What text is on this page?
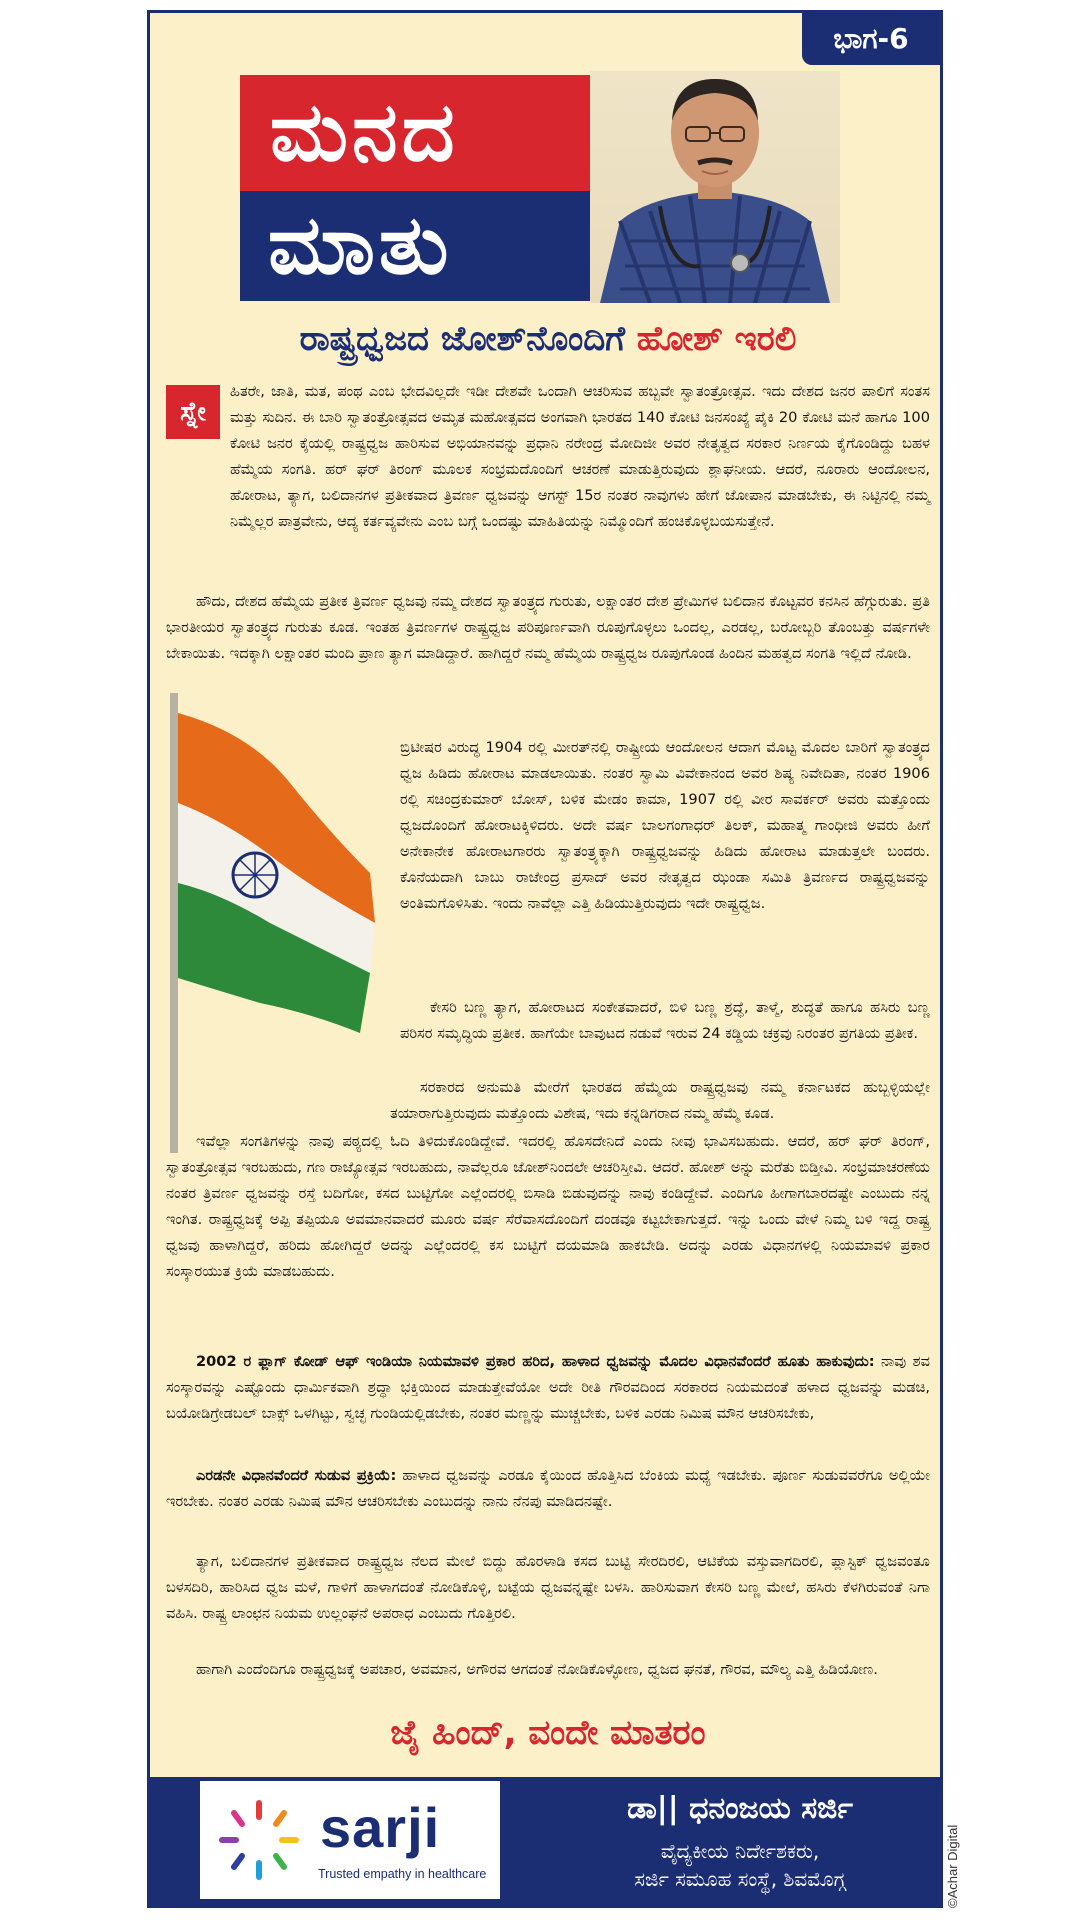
ಭಾಗ-6
ಮನದ
ಮಾತು
ರಾಷ್ಟ್ರಧ್ವಜದ ಜೋಶ್‌ನೊಂದಿಗೆ ಹೋಶ್ ಇರಲಿ
ಸ್ನೇ

ಹಿತರೇ, ಜಾತಿ, ಮತ, ಪಂಥ ಎಂಬ ಭೇದವಿಲ್ಲದೇ ಇಡೀ ದೇಶವೇ ಒಂದಾಗಿ ಆಚರಿಸುವ ಹಬ್ಬವೇ ಸ್ವಾತಂತ್ರೋತ್ಸವ. ಇದು ದೇಶದ ಜನರ ಪಾಲಿಗೆ ಸಂತಸ ಮತ್ತು ಸುದಿನ. ಈ ಬಾರಿ ಸ್ವಾತಂತ್ರೋತ್ಸವದ ಅಮೃತ ಮಹೋತ್ಸವದ ಅಂಗವಾಗಿ ಭಾರತದ 140 ಕೋಟಿ ಜನಸಂಖ್ಯೆ ಪೈಕಿ 20 ಕೋಟಿ ಮನೆ ಹಾಗೂ 100 ಕೋಟಿ ಜನರ ಕೈಯಲ್ಲಿ ರಾಷ್ಟ್ರಧ್ವಜ ಹಾರಿಸುವ ಅಭಿಯಾನವನ್ನು ಪ್ರಧಾನಿ ನರೇಂದ್ರ ಮೋದಿಜೀ ಅವರ ನೇತೃತ್ವದ ಸರಕಾರ ನಿರ್ಣಯ ಕೈಗೊಂಡಿದ್ದು ಬಹಳ ಹೆಮ್ಮೆಯ ಸಂಗತಿ. ಹರ್ ಘರ್ ತಿರಂಗ್ ಮೂಲಕ ಸಂಭ್ರಮದೊಂದಿಗೆ ಆಚರಣೆ ಮಾಡುತ್ತಿರುವುದು ಶ್ಲಾಘನೀಯ. ಆದರೆ, ನೂರಾರು ಆಂದೋಲನ, ಹೋರಾಟ, ತ್ಯಾಗ, ಬಲಿದಾನಗಳ ಪ್ರತೀಕವಾದ ತ್ರಿವರ್ಣ ಧ್ವಜವನ್ನು ಆಗಸ್ಟ್ 15ರ ನಂತರ ನಾವುಗಳು ಹೇಗೆ ಜೋಪಾನ ಮಾಡಬೇಕು, ಈ ನಿಟ್ಟಿನಲ್ಲಿ ನಮ್ಮ ನಿಮ್ಮೆಲ್ಲರ ಪಾತ್ರವೇನು, ಆದ್ಯ ಕರ್ತವ್ಯವೇನು ಎಂಬ ಬಗ್ಗೆ ಒಂದಷ್ಟು ಮಾಹಿತಿಯನ್ನು ನಿಮ್ಮೊಂದಿಗೆ ಹಂಚಿಕೊಳ್ಳಬಯಸುತ್ತೇನೆ.

ಹೌದು, ದೇಶದ ಹೆಮ್ಮೆಯ ಪ್ರತೀಕ ತ್ರಿವರ್ಣ ಧ್ವಜವು ನಮ್ಮ ದೇಶದ ಸ್ವಾತಂತ್ರ್ಯದ ಗುರುತು, ಲಕ್ಷಾಂತರ ದೇಶ ಪ್ರೇಮಿಗಳ ಬಲಿದಾನ ಕೊಟ್ಟವರ ಕನಸಿನ ಹೆಗ್ಗುರುತು. ಪ್ರತಿ ಭಾರತೀಯರ ಸ್ವಾತಂತ್ರ್ಯದ ಗುರುತು ಕೂಡ. ಇಂತಹ ತ್ರಿವರ್ಣಗಳ ರಾಷ್ಟ್ರಧ್ವಜ ಪರಿಪೂರ್ಣವಾಗಿ ರೂಪುಗೊಳ್ಳಲು ಒಂದಲ್ಲ, ಎರಡಲ್ಲ, ಬರೋಬ್ಬರಿ ತೊಂಬತ್ತು ವರ್ಷಗಳೇ ಬೇಕಾಯಿತು. ಇದಕ್ಕಾಗಿ ಲಕ್ಷಾಂತರ ಮಂದಿ ಪ್ರಾಣ ತ್ಯಾಗ ಮಾಡಿದ್ದಾರೆ. ಹಾಗಿದ್ದರೆ ನಮ್ಮ ಹೆಮ್ಮೆಯ ರಾಷ್ಟ್ರಧ್ವಜ ರೂಪುಗೊಂಡ ಹಿಂದಿನ ಮಹತ್ವದ ಸಂಗತಿ ಇಲ್ಲಿದೆ ನೋಡಿ.

ಬ್ರಿಟೀಷರ ವಿರುದ್ಧ 1904 ರಲ್ಲಿ ಮೀರತ್‌ನಲ್ಲಿ ರಾಷ್ಟ್ರೀಯ ಆಂದೋಲನ ಆದಾಗ ಮೊಟ್ಟ ಮೊದಲ ಬಾರಿಗೆ ಸ್ವಾತಂತ್ರ್ಯದ ಧ್ವಜ ಹಿಡಿದು ಹೋರಾಟ ಮಾಡಲಾಯಿತು. ನಂತರ ಸ್ವಾಮಿ ವಿವೇಕಾನಂದ ಅವರ ಶಿಷ್ಯ ನಿವೇದಿತಾ, ನಂತರ 1906 ರಲ್ಲಿ ಸಚಿಂದ್ರಕುಮಾರ್ ಬೋಸ್, ಬಳಿಕ ಮೇಡಂ ಕಾಮಾ, 1907 ರಲ್ಲಿ ವೀರ ಸಾವರ್ಕರ್ ಅವರು ಮತ್ತೊಂದು ಧ್ವಜದೊಂದಿಗೆ ಹೋರಾಟಕ್ಕಿಳಿದರು. ಅದೇ ವರ್ಷ ಬಾಲಗಂಗಾಧರ್ ತಿಲಕ್, ಮಹಾತ್ಮ ಗಾಂಧೀಜಿ ಅವರು ಹೀಗೆ ಅನೇಕಾನೇಕ ಹೋರಾಟಗಾರರು ಸ್ವಾತಂತ್ರ್ಯಕ್ಕಾಗಿ ರಾಷ್ಟ್ರಧ್ವಜವನ್ನು ಹಿಡಿದು ಹೋರಾಟ ಮಾಡುತ್ತಲೇ ಬಂದರು. ಕೊನೆಯದಾಗಿ ಬಾಬು ರಾಜೇಂದ್ರ ಪ್ರಸಾದ್ ಅವರ ನೇತೃತ್ವದ ಝಂಡಾ ಸಮಿತಿ ತ್ರಿವರ್ಣದ ರಾಷ್ಟ್ರಧ್ವಜವನ್ನು ಅಂತಿಮಗೊಳಿಸಿತು. ಇಂದು ನಾವೆಲ್ಲಾ ಎತ್ತಿ ಹಿಡಿಯುತ್ತಿರುವುದು ಇದೇ ರಾಷ್ಟ್ರಧ್ವಜ.

ಕೇಸರಿ ಬಣ್ಣ ತ್ಯಾಗ, ಹೋರಾಟದ ಸಂಕೇತವಾದರೆ, ಬಿಳಿ ಬಣ್ಣ ಶ್ರದ್ಧೆ, ತಾಳ್ಮೆ, ಶುದ್ಧತೆ ಹಾಗೂ ಹಸಿರು ಬಣ್ಣ ಪರಿಸರ ಸಮೃದ್ಧಿಯ ಪ್ರತೀಕ. ಹಾಗೆಯೇ ಬಾವುಟದ ನಡುವೆ ಇರುವ 24 ಕಡ್ಡಿಯ ಚಕ್ರವು ನಿರಂತರ ಪ್ರಗತಿಯ ಪ್ರತೀಕ.

ಸರಕಾರದ ಅನುಮತಿ ಮೇರೆಗೆ ಭಾರತದ ಹೆಮ್ಮೆಯ ರಾಷ್ಟ್ರಧ್ವಜವು ನಮ್ಮ ಕರ್ನಾಟಕದ ಹುಬ್ಬಳ್ಳಿಯಲ್ಲೇ ತಯಾರಾಗುತ್ತಿರುವುದು ಮತ್ತೊಂದು ವಿಶೇಷ, ಇದು ಕನ್ನಡಿಗರಾದ ನಮ್ಮ ಹೆಮ್ಮೆ ಕೂಡ.

ಇವೆಲ್ಲಾ ಸಂಗತಿಗಳನ್ನು ನಾವು ಪಠ್ಯದಲ್ಲಿ ಓದಿ ತಿಳಿದುಕೊಂಡಿದ್ದೇವೆ. ಇದರಲ್ಲಿ ಹೊಸದೇನಿದೆ ಎಂದು ನೀವು ಭಾವಿಸಬಹುದು. ಆದರೆ, ಹರ್ ಘರ್ ತಿರಂಗ್, ಸ್ವಾತಂತ್ರೋತ್ಸವ ಇರಬಹುದು, ಗಣ ರಾಜ್ಯೋತ್ಸವ ಇರಬಹುದು, ನಾವೆಲ್ಲರೂ ಜೋಶ್‌ನಿಂದಲೇ ಆಚರಿಸ್ತೀವಿ. ಆದರೆ. ಹೋಶ್ ಅನ್ನು ಮರೆತು ಬಿಡ್ತೀವಿ. ಸಂಭ್ರಮಾಚರಣೆಯ ನಂತರ ತ್ರಿವರ್ಣ ಧ್ವಜವನ್ನು ರಸ್ತೆ ಬದಿಗೋ, ಕಸದ ಬುಟ್ಟಿಗೋ ಎಲ್ಲೆಂದರಲ್ಲಿ ಬಿಸಾಡಿ ಬಿಡುವುದನ್ನು ನಾವು ಕಂಡಿದ್ದೇವೆ. ಎಂದಿಗೂ ಹೀಗಾಗಬಾರದಷ್ಟೇ ಎಂಬುದು ನನ್ನ ಇಂಗಿತ. ರಾಷ್ಟ್ರಧ್ವಜಕ್ಕೆ ಅಪ್ಪಿ ತಪ್ಪಿಯೂ ಅವಮಾನವಾದರೆ ಮೂರು ವರ್ಷ ಸೆರೆವಾಸದೊಂದಿಗೆ ದಂಡವೂ ಕಟ್ಟಬೇಕಾಗುತ್ತದೆ. ಇನ್ನು ಒಂದು ವೇಳೆ ನಿಮ್ಮ ಬಳಿ ಇದ್ದ ರಾಷ್ಟ್ರ ಧ್ವಜವು ಹಾಳಾಗಿದ್ದರೆ, ಹರಿದು ಹೋಗಿದ್ದರೆ ಅದನ್ನು ಎಲ್ಲೆಂದರಲ್ಲಿ ಕಸ ಬುಟ್ಟಿಗೆ ದಯಮಾಡಿ ಹಾಕಬೇಡಿ. ಅದನ್ನು ಎರಡು ವಿಧಾನಗಳಲ್ಲಿ ನಿಯಮಾವಳಿ ಪ್ರಕಾರ ಸಂಸ್ಕಾರಯುತ ಕ್ರಿಯೆ ಮಾಡಬಹುದು.

2002 ರ ಫ್ಲಾಗ್ ಕೋಡ್ ಆಫ್ ಇಂಡಿಯಾ ನಿಯಮಾವಳಿ ಪ್ರಕಾರ ಹರಿದ, ಹಾಳಾದ ಧ್ವಜವನ್ನು ಮೊದಲ ವಿಧಾನವೆಂದರೆ ಹೂತು ಹಾಕುವುದು: ನಾವು ಶವ ಸಂಸ್ಕಾರವನ್ನು ಎಷ್ಟೊಂದು ಧಾರ್ಮಿಕವಾಗಿ ಶ್ರದ್ಧಾ ಭಕ್ತಿಯಿಂದ ಮಾಡುತ್ತೇವೆಯೋ ಅದೇ ರೀತಿ ಗೌರವದಿಂದ ಸರಕಾರದ ನಿಯಮದಂತೆ ಹಳಾದ ಧ್ವಜವನ್ನು ಮಡಚಿ, ಬಯೋಡಿಗ್ರೇಡಬಲ್ ಬಾಕ್ಸ್ ಒಳಗಿಟ್ಟು, ಸ್ವಚ್ಛ ಗುಂಡಿಯಲ್ಲಿಡಬೇಕು, ನಂತರ ಮಣ್ಣನ್ನು ಮುಚ್ಚಬೇಕು, ಬಳಿಕ ಎರಡು ನಿಮಿಷ ಮೌನ ಆಚರಿಸಬೇಕು,

ಎರಡನೇ ವಿಧಾನವೆಂದರೆ ಸುಡುವ ಪ್ರಕ್ರಿಯೆ: ಹಾಳಾದ ಧ್ವಜವನ್ನು ಎರಡೂ ಕೈಯಿಂದ ಹೊತ್ತಿಸಿದ ಬೆಂಕಿಯ ಮಧ್ಯೆ ಇಡಬೇಕು. ಪೂರ್ಣ ಸುಡುವವರೆಗೂ ಅಲ್ಲಿಯೇ ಇರಬೇಕು. ನಂತರ ಎರಡು ನಿಮಿಷ ಮೌನ ಆಚರಿಸಬೇಕು ಎಂಬುದನ್ನು ನಾನು ನೆನಪು ಮಾಡಿದನಷ್ಟೇ.

ತ್ಯಾಗ, ಬಲಿದಾನಗಳ ಪ್ರತೀಕವಾದ ರಾಷ್ಟ್ರಧ್ವಜ ನೆಲದ ಮೇಲೆ ಬಿದ್ದು ಹೊರಳಾಡಿ ಕಸದ ಬುಟ್ಟಿ ಸೇರದಿರಲಿ, ಆಟಿಕೆಯ ವಸ್ತುವಾಗದಿರಲಿ, ಪ್ಲಾಸ್ಟಿಕ್ ಧ್ವಜವಂತೂ ಬಳಸದಿರಿ, ಹಾರಿಸಿದ ಧ್ವಜ ಮಳೆ, ಗಾಳಿಗೆ ಹಾಳಾಗದಂತೆ ನೋಡಿಕೊಳ್ಳಿ, ಬಟ್ಟೆಯ ಧ್ವಜವನ್ನಷ್ಟೇ ಬಳಸಿ. ಹಾರಿಸುವಾಗ ಕೇಸರಿ ಬಣ್ಣ ಮೇಲೆ, ಹಸಿರು ಕೆಳಗಿರುವಂತೆ ನಿಗಾ ವಹಿಸಿ. ರಾಷ್ಟ್ರ ಲಾಂಛನ ನಿಯಮ ಉಲ್ಲಂಘನೆ ಅಪರಾಧ ಎಂಬುದು ಗೊತ್ತಿರಲಿ.

ಹಾಗಾಗಿ ಎಂದೆಂದಿಗೂ ರಾಷ್ಟ್ರಧ್ವಜಕ್ಕೆ ಅಪಚಾರ, ಅವಮಾನ, ಅಗೌರವ ಆಗದಂತೆ ನೋಡಿಕೊಳ್ಳೋಣ, ಧ್ವಜದ ಘನತೆ, ಗೌರವ, ಮೌಲ್ಯ ಎತ್ತಿ ಹಿಡಿಯೋಣ.

ಜೈ ಹಿಂದ್, ವಂದೇ ಮಾತರಂ
sarji
Trusted empathy in healthcare
ಡಾ|| ಧನಂಜಯ ಸರ್ಜಿ
ವೈದ್ಯಕೀಯ ನಿರ್ದೇಶಕರು,
ಸರ್ಜಿ ಸಮೂಹ ಸಂಸ್ಥೆ, ಶಿವಮೊಗ್ಗ	©Achar Digital
